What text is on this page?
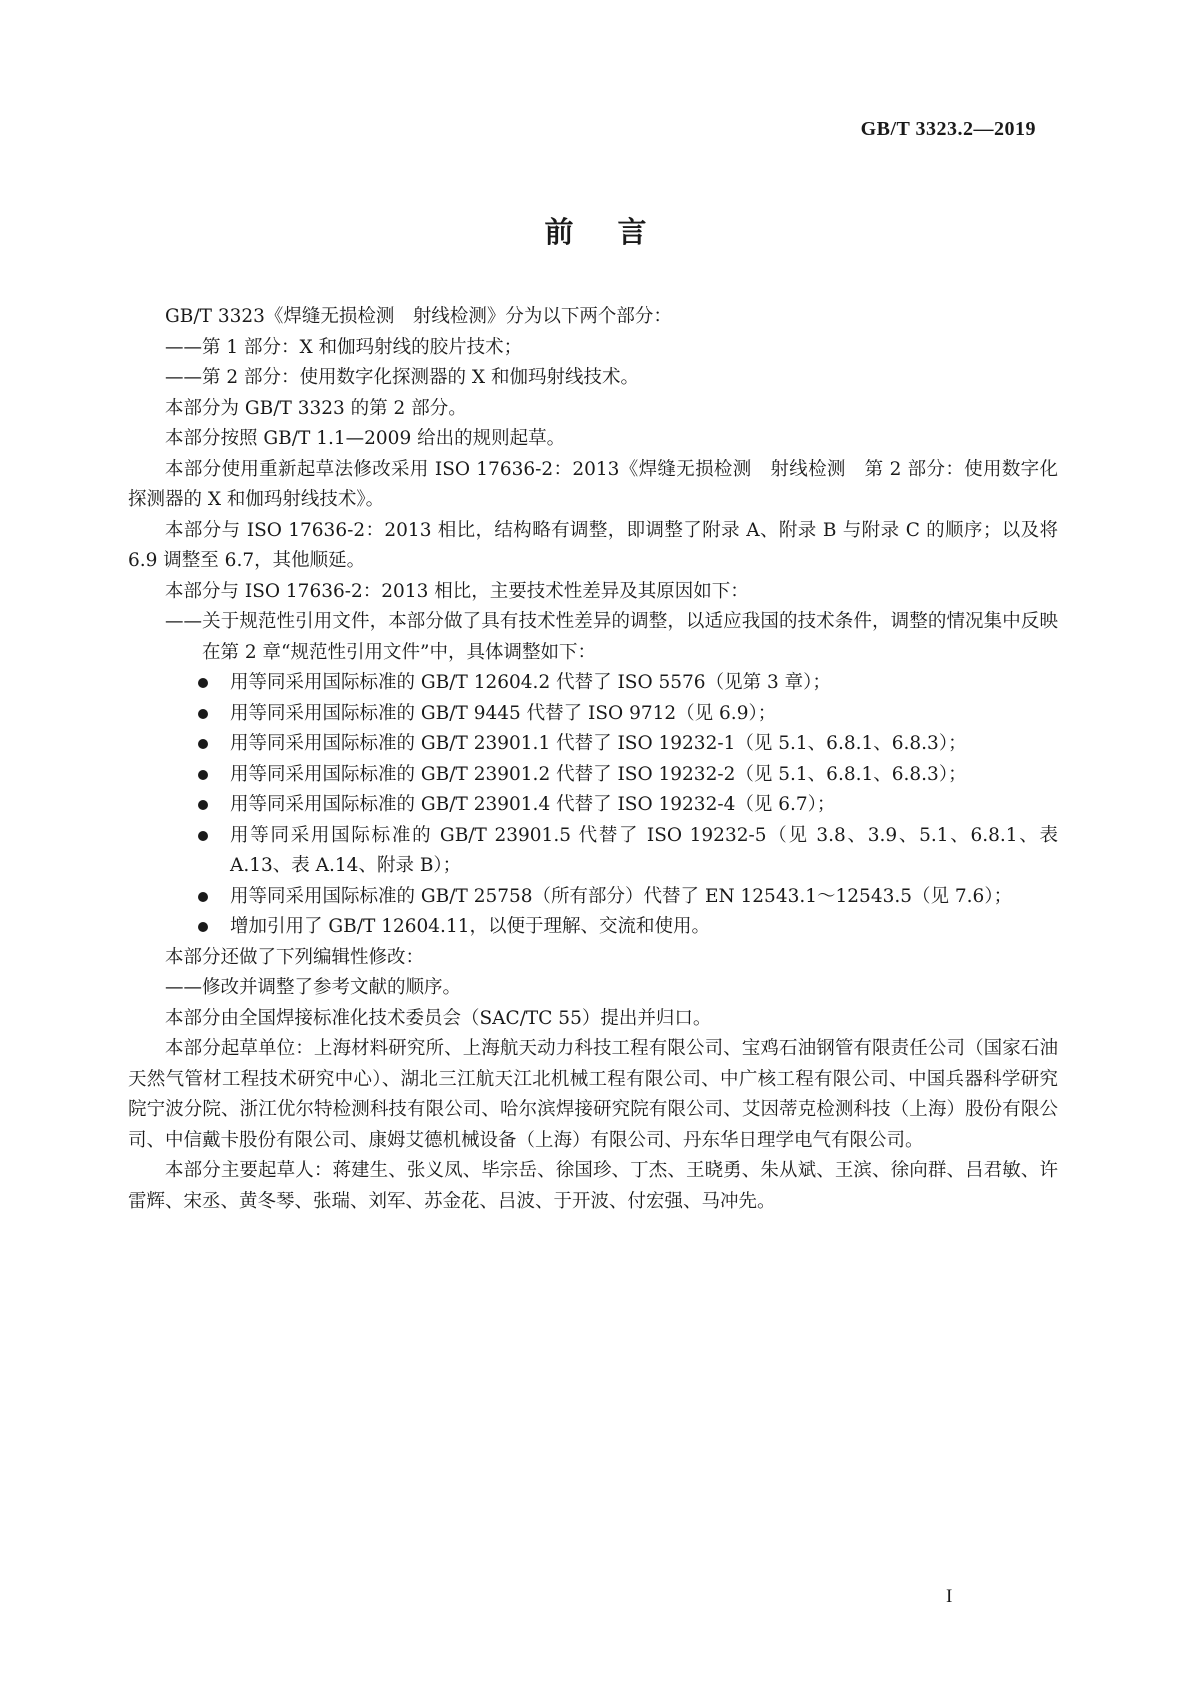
GB/T 3323.2—2019
前言

GB/T 3323《焊缝无损检测　射线检测》分为以下两个部分：

——第 1 部分：X 和伽玛射线的胶片技术；

——第 2 部分：使用数字化探测器的 X 和伽玛射线技术。

本部分为 GB/T 3323 的第 2 部分。

本部分按照 GB/T 1.1—2009 给出的规则起草。

本部分使用重新起草法修改采用 ISO 17636-2：2013《焊缝无损检测　射线检测　第 2 部分：使用数字化探测器的 X 和伽玛射线技术》。

本部分与 ISO 17636-2：2013 相比，结构略有调整，即调整了附录 A、附录 B 与附录 C 的顺序；以及将 6.9 调整至 6.7，其他顺延。

本部分与 ISO 17636-2：2013 相比，主要技术性差异及其原因如下：

——关于规范性引用文件，本部分做了具有技术性差异的调整，以适应我国的技术条件，调整的情况集中反映在第 2 章“规范性引用文件”中，具体调整如下：

用等同采用国际标准的 GB/T 12604.2 代替了 ISO 5576（见第 3 章）；
用等同采用国际标准的 GB/T 9445 代替了 ISO 9712（见 6.9）；
用等同采用国际标准的 GB/T 23901.1 代替了 ISO 19232-1（见 5.1、6.8.1、6.8.3）；
用等同采用国际标准的 GB/T 23901.2 代替了 ISO 19232-2（见 5.1、6.8.1、6.8.3）；
用等同采用国际标准的 GB/T 23901.4 代替了 ISO 19232-4（见 6.7）；
用等同采用国际标准的 GB/T 23901.5 代替了 ISO 19232-5（见 3.8、3.9、5.1、6.8.1、表 A.13、表 A.14、附录 B）；
用等同采用国际标准的 GB/T 25758（所有部分）代替了 EN 12543.1～12543.5（见 7.6）；
增加引用了 GB/T 12604.11，以便于理解、交流和使用。

本部分还做了下列编辑性修改：

——修改并调整了参考文献的顺序。

本部分由全国焊接标准化技术委员会（SAC/TC 55）提出并归口。

本部分起草单位：上海材料研究所、上海航天动力科技工程有限公司、宝鸡石油钢管有限责任公司（国家石油天然气管材工程技术研究中心）、湖北三江航天江北机械工程有限公司、中广核工程有限公司、中国兵器科学研究院宁波分院、浙江优尔特检测科技有限公司、哈尔滨焊接研究院有限公司、艾因蒂克检测科技（上海）股份有限公司、中信戴卡股份有限公司、康姆艾德机械设备（上海）有限公司、丹东华日理学电气有限公司。

本部分主要起草人：蒋建生、张义凤、毕宗岳、徐国珍、丁杰、王晓勇、朱从斌、王滨、徐向群、吕君敏、许雷辉、宋丞、黄冬琴、张瑞、刘军、苏金花、吕波、于开波、付宏强、马冲先。

I
